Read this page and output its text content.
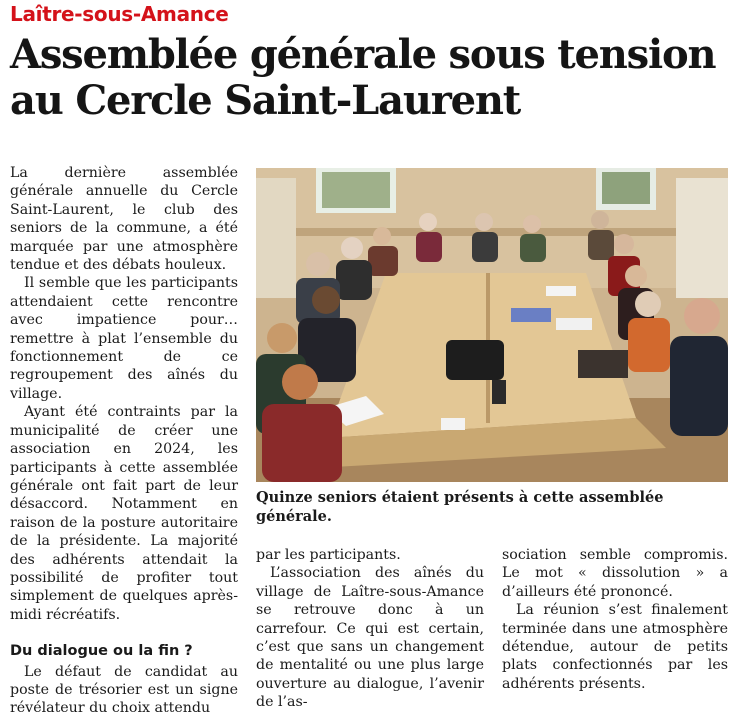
Laître-sous-Amance
Assemblée générale sous tension au Cercle Saint-Laurent

La dernière assemblée générale annuelle du Cercle Saint-Laurent, le club des seniors de la commune, a été marquée par une atmosphère tendue et des débats houleux.

Il semble que les participants attendaient cette rencontre avec impatience pour… remettre à plat l’ensemble du fonctionnement de ce regroupement des aînés du village.

Ayant été contraints par la municipalité de créer une association en 2024, les participants à cette assemblée générale ont fait part de leur désaccord. Notamment en raison de la posture autoritaire de la présidente. La majorité des adhérents attendait la possibilité de profiter tout simplement de quelques après-midi récréatifs.

Du dialogue ou la fin ?

Le défaut de candidat au poste de trésorier est un signe révélateur du choix attendu

Quinze seniors étaient présents à cette assemblée générale.

par les participants.

L’association des aînés du village de Laître-sous-Amance se retrouve donc à un carrefour. Ce qui est certain, c’est que sans un changement de mentalité ou une plus large ouverture au dialogue, l’avenir de l’as-

sociation semble compromis. Le mot « dissolution » a d’ailleurs été prononcé.

La réunion s’est finalement terminée dans une atmosphère détendue, autour de petits plats confectionnés par les adhérents présents.
